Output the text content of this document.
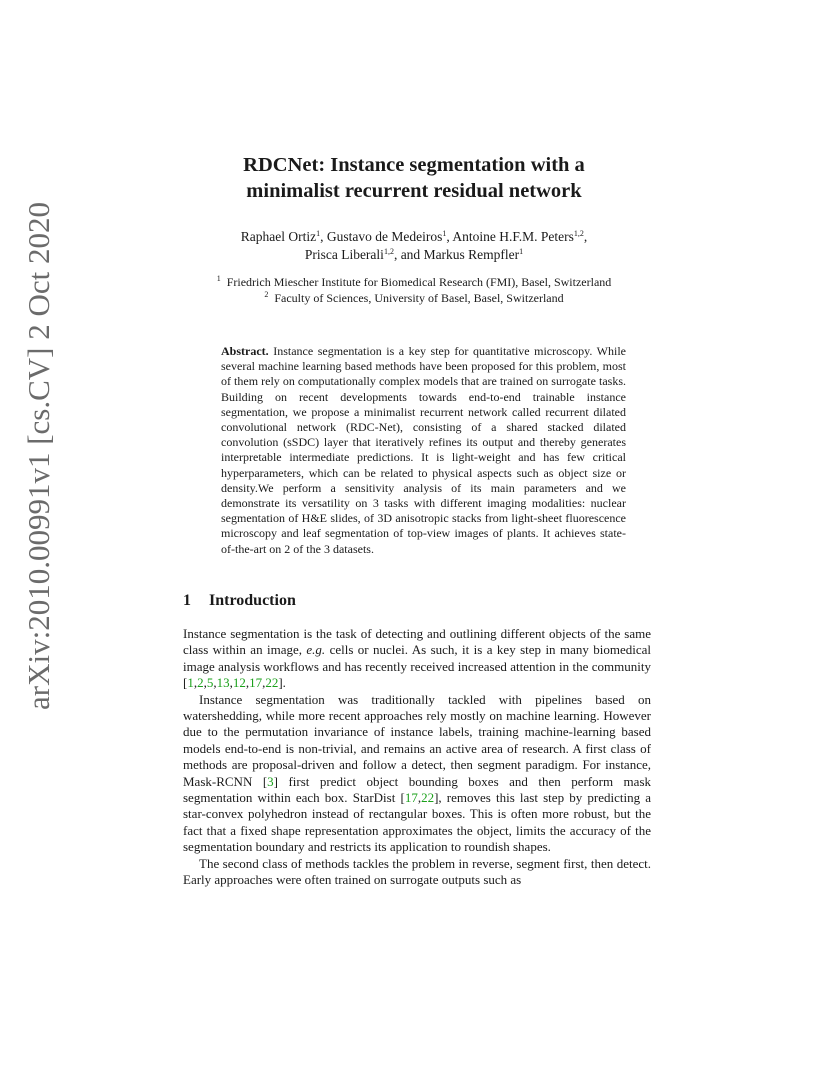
arXiv:2010.00991v1 [cs.CV] 2 Oct 2020
RDCNet: Instance segmentation with a
minimalist recurrent residual network
Raphael Ortiz$^1$, Gustavo de Medeiros$^1$, Antoine H.F.M. Peters$^{1,2}$,
Prisca Liberali$^{1,2}$, and Markus Rempfler$^1$
$^1$ Friedrich Miescher Institute for Biomedical Research (FMI), Basel, Switzerland
$^2$ Faculty of Sciences, University of Basel, Basel, Switzerland
Abstract. Instance segmentation is a key step for quantitative microscopy. While several machine learning based methods have been proposed for this problem, most of them rely on computationally complex models that are trained on surrogate tasks. Building on recent developments towards end-to-end trainable instance segmentation, we propose a minimalist recurrent network called recurrent dilated convolutional network (RDC-Net), consisting of a shared stacked dilated convolution (sSDC) layer that iteratively refines its output and thereby generates interpretable intermediate predictions. It is light-weight and has few critical hyperparameters, which can be related to physical aspects such as object size or density.We perform a sensitivity analysis of its main parameters and we demonstrate its versatility on 3 tasks with different imaging modalities: nuclear segmentation of H&E slides, of 3D anisotropic stacks from light-sheet fluorescence microscopy and leaf segmentation of top-view images of plants. It achieves state-of-the-art on 2 of the 3 datasets.
1 Introduction

Instance segmentation is the task of detecting and outlining different objects of the same class within an image, e.g. cells or nuclei. As such, it is a key step in many biomedical image analysis workflows and has recently received increased attention in the community [1,2,5,13,12,17,22].

Instance segmentation was traditionally tackled with pipelines based on watershedding, while more recent approaches rely mostly on machine learning. However due to the permutation invariance of instance labels, training machine-learning based models end-to-end is non-trivial, and remains an active area of research. A first class of methods are proposal-driven and follow a detect, then segment paradigm. For instance, Mask-RCNN [3] first predict object bounding boxes and then perform mask segmentation within each box. StarDist [17,22], removes this last step by predicting a star-convex polyhedron instead of rectangular boxes. This is often more robust, but the fact that a fixed shape representation approximates the object, limits the accuracy of the segmentation boundary and restricts its application to roundish shapes.

The second class of methods tackles the problem in reverse, segment first, then detect. Early approaches were often trained on surrogate outputs such as
